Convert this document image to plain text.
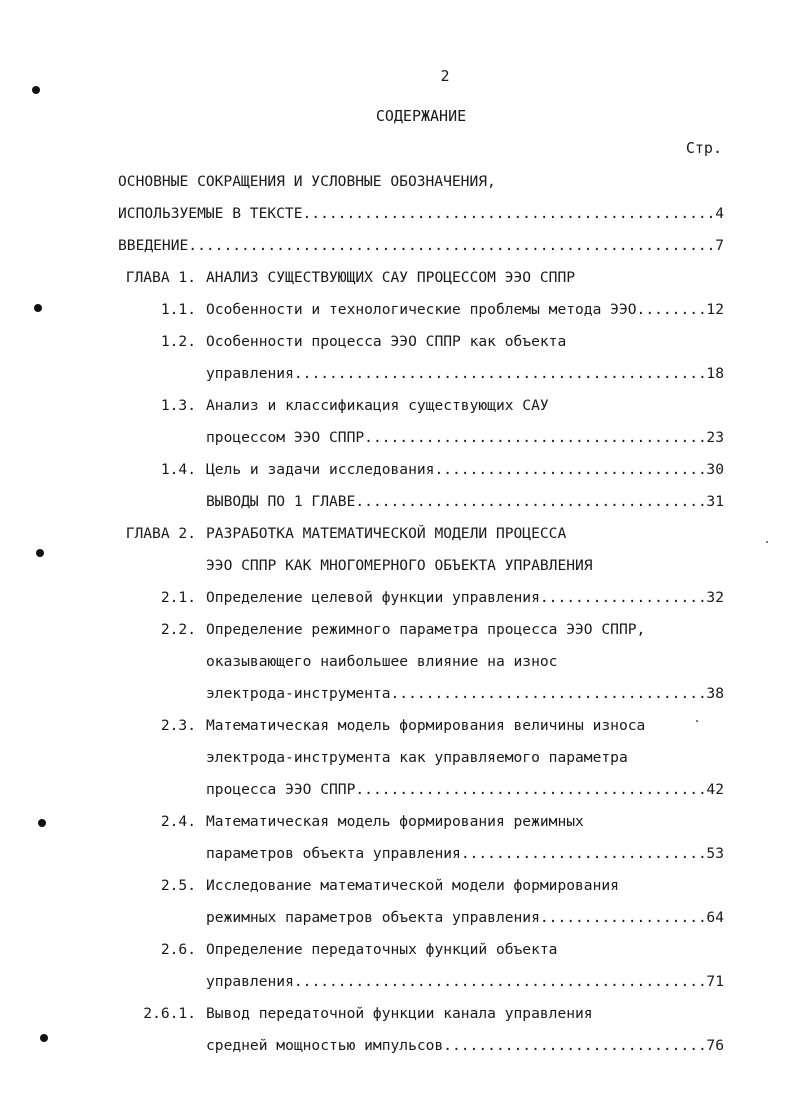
2
СОДЕРЖАНИЕ
Стр.
ОСНОВНЫЕ СОКРАЩЕНИЯ И УСЛОВНЫЕ ОБОЗНАЧЕНИЯ,
ИСПОЛЬЗУЕМЫЕ В ТЕКСТЕ .....	4
ВВЕДЕНИЕ .....	7
ГЛАВА 1. АНАЛИЗ СУЩЕСТВУЮЩИХ САУ ПРОЦЕССОМ ЭЭО СППР
1.1. Особенности и технологические проблемы метода ЭЭО .....	12
1.2. Особенности процесса ЭЭО СППР как объекта
управления .....	18
1.3. Анализ и классификация существующих САУ
процессом ЭЭО СППР .....	23
1.4. Цель и задачи исследования .....	30
ВЫВОДЫ ПО 1 ГЛАВЕ .....	31
ГЛАВА 2. РАЗРАБОТКА МАТЕМАТИЧЕСКОЙ МОДЕЛИ ПРОЦЕССА
ЭЭО СППР КАК МНОГОМЕРНОГО ОБЪЕКТА УПРАВЛЕНИЯ
2.1. Определение целевой функции управления .....	32
2.2. Определение режимного параметра процесса ЭЭО СППР,
оказывающего наибольшее влияние на износ
электрода-инструмента .....	38
2.3. Математическая модель формирования величины износа
электрода-инструмента как управляемого параметра
процесса ЭЭО СППР .....	42
2.4. Математическая модель формирования режимных
параметров объекта управления .....	53
2.5. Исследование математической модели формирования
режимных параметров объекта управления .....	64
2.6. Определение передаточных функций объекта
управления .....	71
2.6.1. Вывод передаточной функции канала управления
средней мощностью импульсов .....	76
